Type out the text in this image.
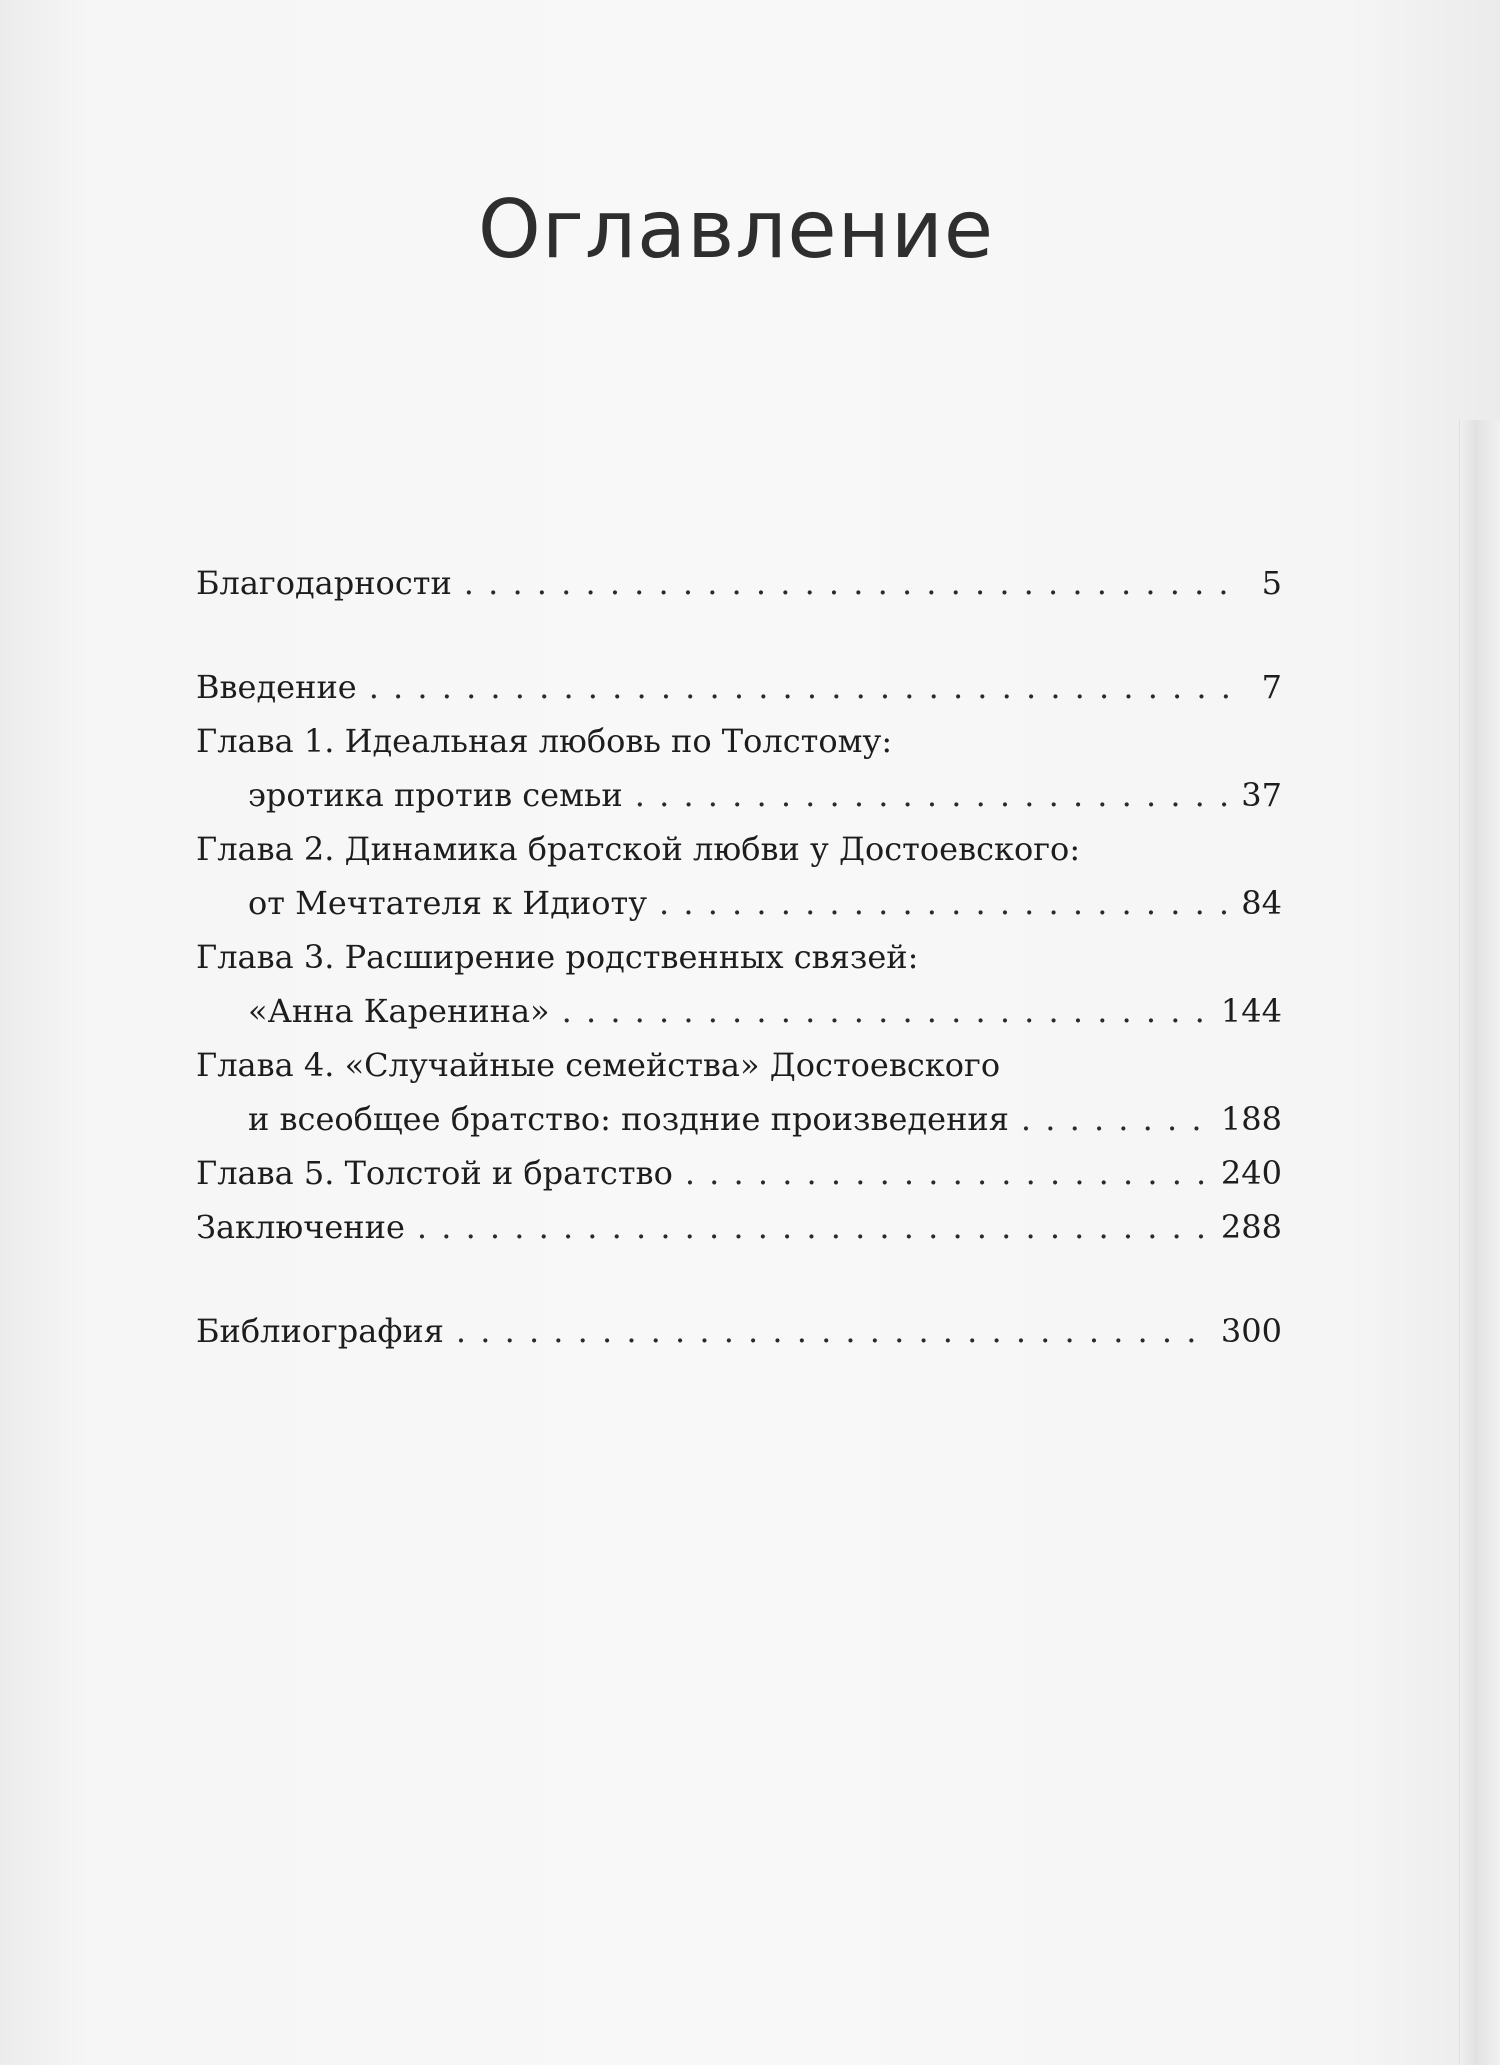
Оглавление
Благодарности . . .	5
Введение . . .	7
Глава 1. Идеальная любовь по Толстому:
эротика против семьи . . .	37
Глава 2. Динамика братской любви у Достоевского:
от Мечтателя к Идиоту . . .	84
Глава 3. Расширение родственных связей:
«Анна Каренина» . . .	144
Глава 4. «Случайные семейства» Достоевского
и всеобщее братство: поздние произведения . . .	188
Глава 5. Толстой и братство . . .	240
Заключение . . .	288
Библиография . . .	300
